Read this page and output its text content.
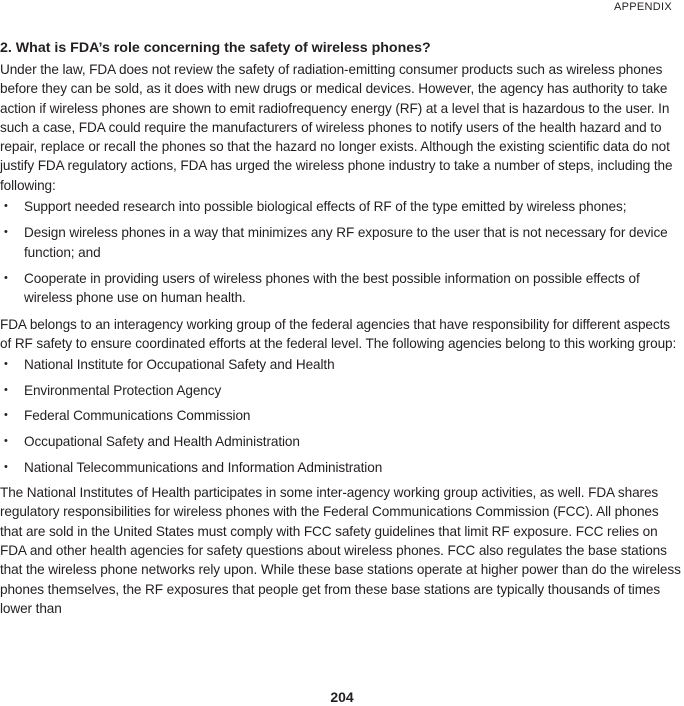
APPENDIX
2. What is FDA’s role concerning the safety of wireless phones?

Under the law, FDA does not review the safety of radiation-emitting consumer products such as wireless phones before they can be sold, as it does with new drugs or medical devices. However, the agency has authority to take action if wireless phones are shown to emit radiofrequency energy (RF) at a level that is hazardous to the user. In such a case, FDA could require the manufacturers of wireless phones to notify users of the health hazard and to repair, replace or recall the phones so that the hazard no longer exists. Although the existing scientific data do not justify FDA regulatory actions, FDA has urged the wireless phone industry to take a number of steps, including the following:

• Support needed research into possible biological effects of RF of the type emitted by wireless phones;
• Design wireless phones in a way that minimizes any RF exposure to the user that is not necessary for device function; and
• Cooperate in providing users of wireless phones with the best possible information on possible effects of wireless phone use on human health.

FDA belongs to an interagency working group of the federal agencies that have responsibility for different aspects of RF safety to ensure coordinated efforts at the federal level. The following agencies belong to this working group:

• National Institute for Occupational Safety and Health
• Environmental Protection Agency
• Federal Communications Commission
• Occupational Safety and Health Administration
• National Telecommunications and Information Administration

The National Institutes of Health participates in some inter-agency working group activities, as well. FDA shares regulatory responsibilities for wireless phones with the Federal Communications Commission (FCC). All phones that are sold in the United States must comply with FCC safety guidelines that limit RF exposure. FCC relies on FDA and other health agencies for safety questions about wireless phones. FCC also regulates the base stations that the wireless phone networks rely upon. While these base stations operate at higher power than do the wireless phones themselves, the RF exposures that people get from these base stations are typically thousands of times lower than

204
